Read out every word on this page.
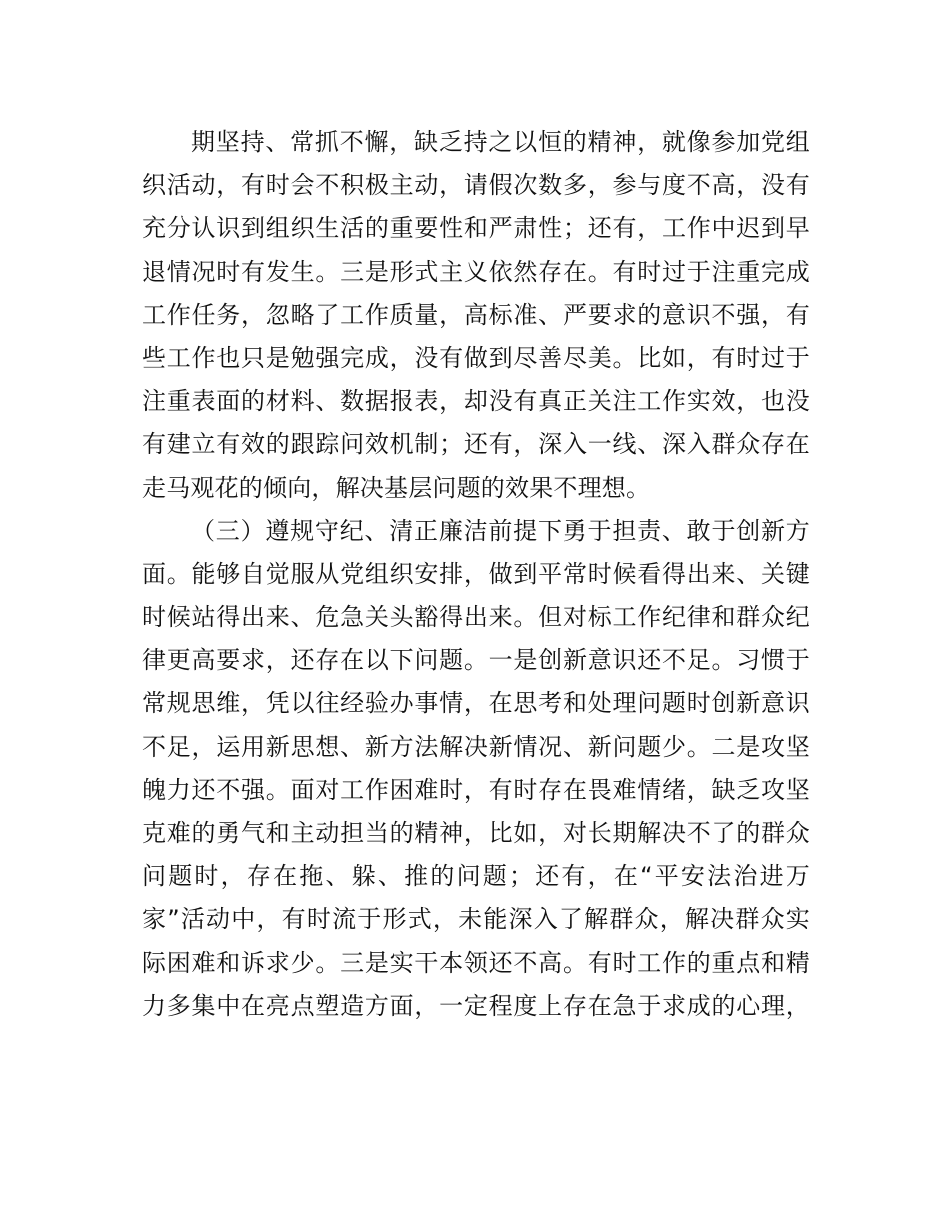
期坚持、常抓不懈，缺乏持之以恒的精神，就像参加党组
织活动，有时会不积极主动，请假次数多，参与度不高，没有
充分认识到组织生活的重要性和严肃性；还有，工作中迟到早
退情况时有发生。三是形式主义依然存在。有时过于注重完成
工作任务，忽略了工作质量，高标准、严要求的意识不强，有
些工作也只是勉强完成，没有做到尽善尽美。比如，有时过于
注重表面的材料、数据报表，却没有真正关注工作实效，也没
有建立有效的跟踪问效机制；还有，深入一线、深入群众存在
走马观花的倾向，解决基层问题的效果不理想。
（三）遵规守纪、清正廉洁前提下勇于担责、敢于创新方
面。能够自觉服从党组织安排，做到平常时候看得出来、关键
时候站得出来、危急关头豁得出来。但对标工作纪律和群众纪
律更高要求，还存在以下问题。一是创新意识还不足。习惯于
常规思维，凭以往经验办事情，在思考和处理问题时创新意识
不足，运用新思想、新方法解决新情况、新问题少。二是攻坚
魄力还不强。面对工作困难时，有时存在畏难情绪，缺乏攻坚
克难的勇气和主动担当的精神，比如，对长期解决不了的群众
问题时，存在拖、躲、推的问题；还有，在“平安法治进万
家”活动中，有时流于形式，未能深入了解群众，解决群众实
际困难和诉求少。三是实干本领还不高。有时工作的重点和精
力多集中在亮点塑造方面，一定程度上存在急于求成的心理，
